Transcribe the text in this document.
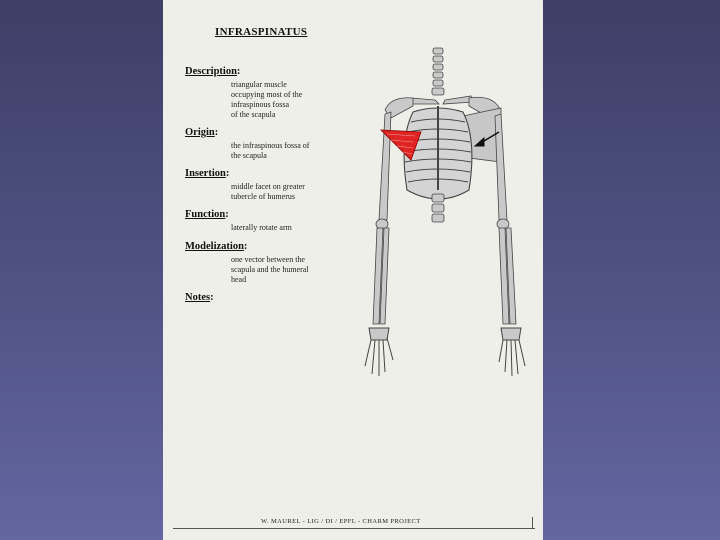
INFRASPINATUS
Description:
triangular muscle
occupying most of the
infraspinous fossa
of the scapula
Origin:
the infraspinous fossa of
the scapula
Insertion:
middle facet on greater
tubercle of humerus
Function:
laterally rotate arm
Modelization:
one vector between the
scapula and the humeral
head
Notes:
W. MAUREL - LIG / DI / EPFL - CHARM PROJECT
